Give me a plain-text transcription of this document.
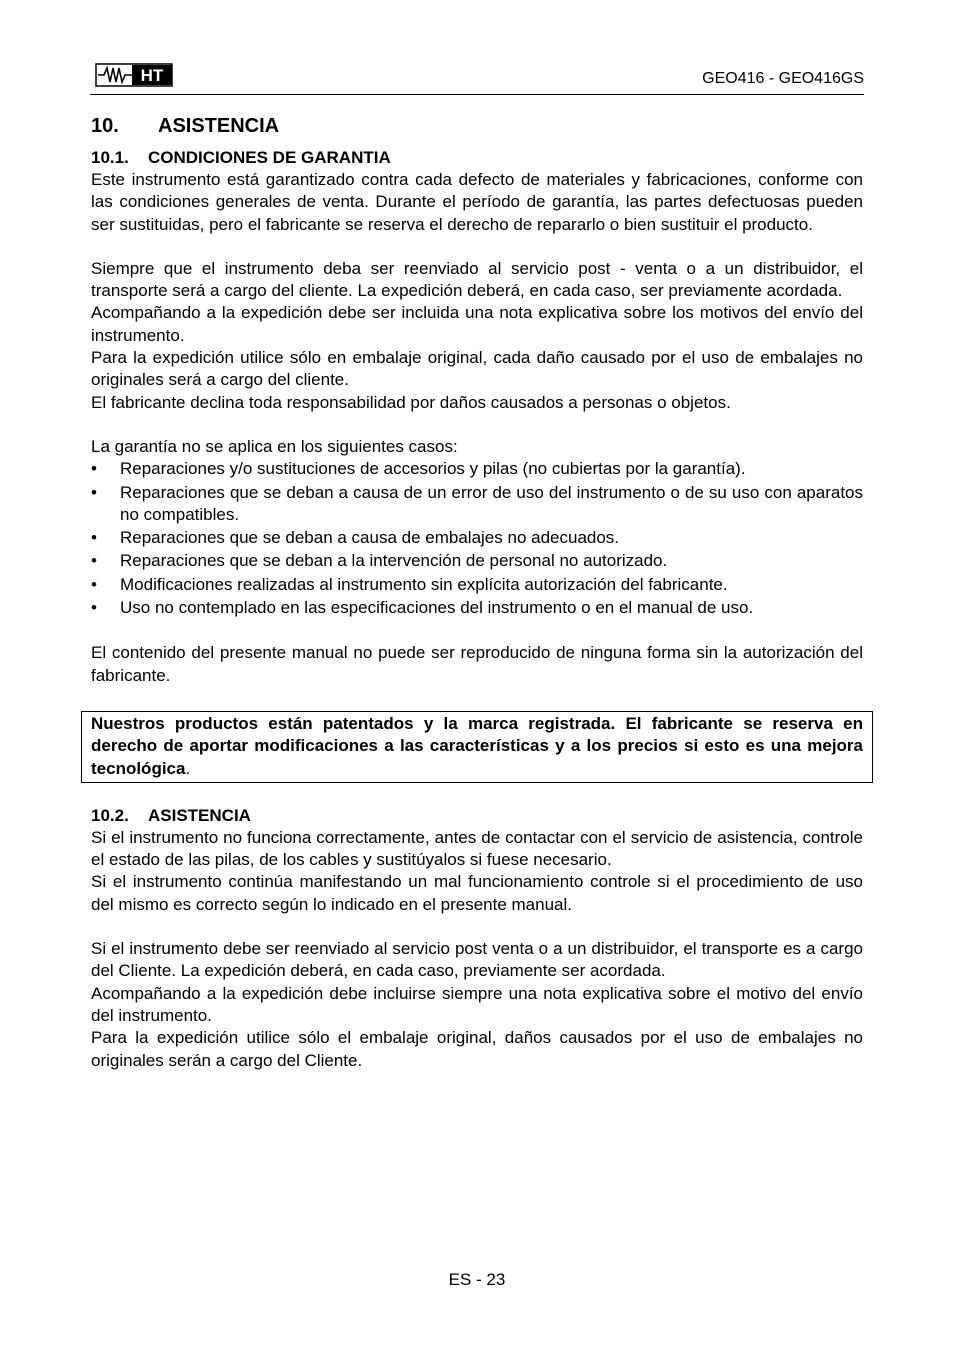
HT	GEO416 - GEO416GS
10. ASISTENCIA
10.1. CONDICIONES DE GARANTIA

Este instrumento está garantizado contra cada defecto de materiales y fabricaciones, conforme con las condiciones generales de venta. Durante el período de garantía, las partes defectuosas pueden ser sustituidas, pero el fabricante se reserva el derecho de repararlo o bien sustituir el producto.

Siempre que el instrumento deba ser reenviado al servicio post - venta o a un distribuidor, el transporte será a cargo del cliente. La expedición deberá, en cada caso, ser previamente acordada.

Acompañando a la expedición debe ser incluida una nota explicativa sobre los motivos del envío del instrumento.

Para la expedición utilice sólo en embalaje original, cada daño causado por el uso de embalajes no originales será a cargo del cliente.

El fabricante declina toda responsabilidad por daños causados a personas o objetos.

La garantía no se aplica en los siguientes casos:

• Reparaciones y/o sustituciones de accesorios y pilas (no cubiertas por la garantía).
• Reparaciones que se deban a causa de un error de uso del instrumento o de su uso con aparatos no compatibles.
• Reparaciones que se deban a causa de embalajes no adecuados.
• Reparaciones que se deban a la intervención de personal no autorizado.
• Modificaciones realizadas al instrumento sin explícita autorización del fabricante.
• Uso no contemplado en las especificaciones del instrumento o en el manual de uso.

El contenido del presente manual no puede ser reproducido de ninguna forma sin la autorización del fabricante.

Nuestros productos están patentados y la marca registrada. El fabricante se reserva en derecho de aportar modificaciones a las características y a los precios si esto es una mejora tecnológica.
10.2. ASISTENCIA

Si el instrumento no funciona correctamente, antes de contactar con el servicio de asistencia, controle el estado de las pilas, de los cables y sustitúyalos si fuese necesario.

Si el instrumento continúa manifestando un mal funcionamiento controle si el procedimiento de uso del mismo es correcto según lo indicado en el presente manual.

Si el instrumento debe ser reenviado al servicio post venta o a un distribuidor, el transporte es a cargo del Cliente. La expedición deberá, en cada caso, previamente ser acordada.

Acompañando a la expedición debe incluirse siempre una nota explicativa sobre el motivo del envío del instrumento.

Para la expedición utilice sólo el embalaje original, daños causados por el uso de embalajes no originales serán a cargo del Cliente.

ES - 23
